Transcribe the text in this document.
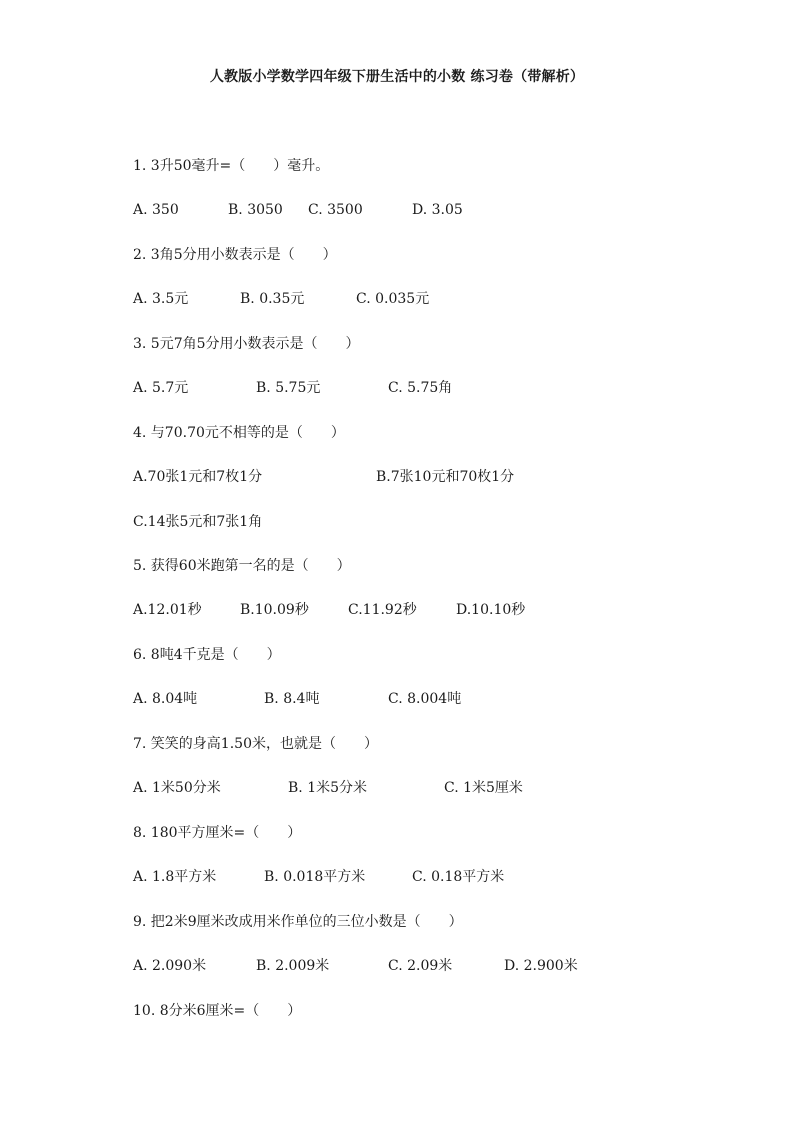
人教版小学数学四年级下册生活中的小数 练习卷（带解析）
1. 3升50毫升=（　　）毫升。
A. 350	B. 3050 C. 3500	D. 3.05
2. 3角5分用小数表示是（　　）
A. 3.5元	B. 0.35元	C. 0.035元
3. 5元7角5分用小数表示是（　　）
A. 5.7元	B. 5.75元	C. 5.75角
4. 与70.70元不相等的是（　　）
A.70张1元和7枚1分	B.7张10元和70枚1分
C.14张5元和7张1角
5. 获得60米跑第一名的是（　　）
A.12.01秒	B.10.09秒	C.11.92秒	D.10.10秒
6. 8吨4千克是（　　）
A. 8.04吨	B. 8.4吨	C. 8.004吨
7. 笑笑的身高1.50米，也就是（　　）
A. 1米50分米	B. 1米5分米	C. 1米5厘米
8. 180平方厘米=（　　）
A. 1.8平方米	B. 0.018平方米	C. 0.18平方米
9. 把2米9厘米改成用米作单位的三位小数是（　　）
A. 2.090米	B. 2.009米	C. 2.09米	D. 2.900米
10. 8分米6厘米=（　　）
